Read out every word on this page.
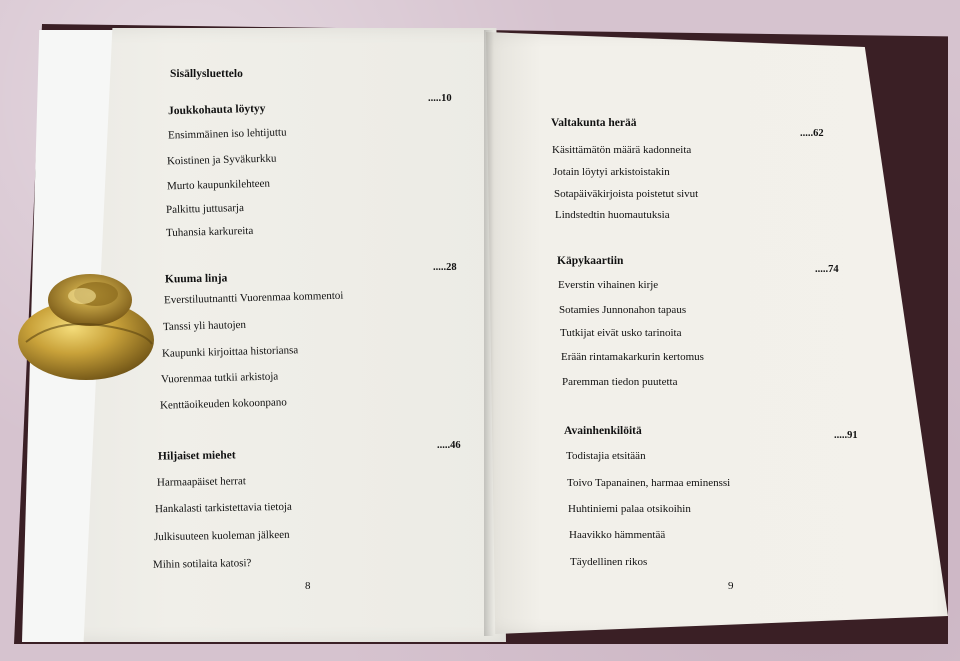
Sisällysluettelo
Joukkohauta löytyy
.....10
Ensimmäinen iso lehtijuttu
Koistinen ja Syväkurkku
Murto kaupunkilehteen
Palkittu juttusarja
Tuhansia karkureita
Kuuma linja
.....28
Everstiluutnantti Vuorenmaa kommentoi
Tanssi yli hautojen
Kaupunki kirjoittaa historiansa
Vuorenmaa tutkii arkistoja
Kenttäoikeuden kokoonpano
Hiljaiset miehet
.....46
Harmaapäiset herrat
Hankalasti tarkistettavia tietoja
Julkisuuteen kuoleman jälkeen
Mihin sotilaita katosi?
8
Valtakunta herää
.....62
Käsittämätön määrä kadonneita
Jotain löytyi arkistoistakin
Sotapäiväkirjoista poistetut sivut
Lindstedtin huomautuksia
Käpykaartiin
.....74
Everstin vihainen kirje
Sotamies Junnonahon tapaus
Tutkijat eivät usko tarinoita
Erään rintamakarkurin kertomus
Paremman tiedon puutetta
Avainhenkilöitä	.....91
Todistajia etsitään
Toivo Tapanainen, harmaa eminenssi
Huhtiniemi palaa otsikoihin
Haavikko hämmentää
Täydellinen rikos
9
